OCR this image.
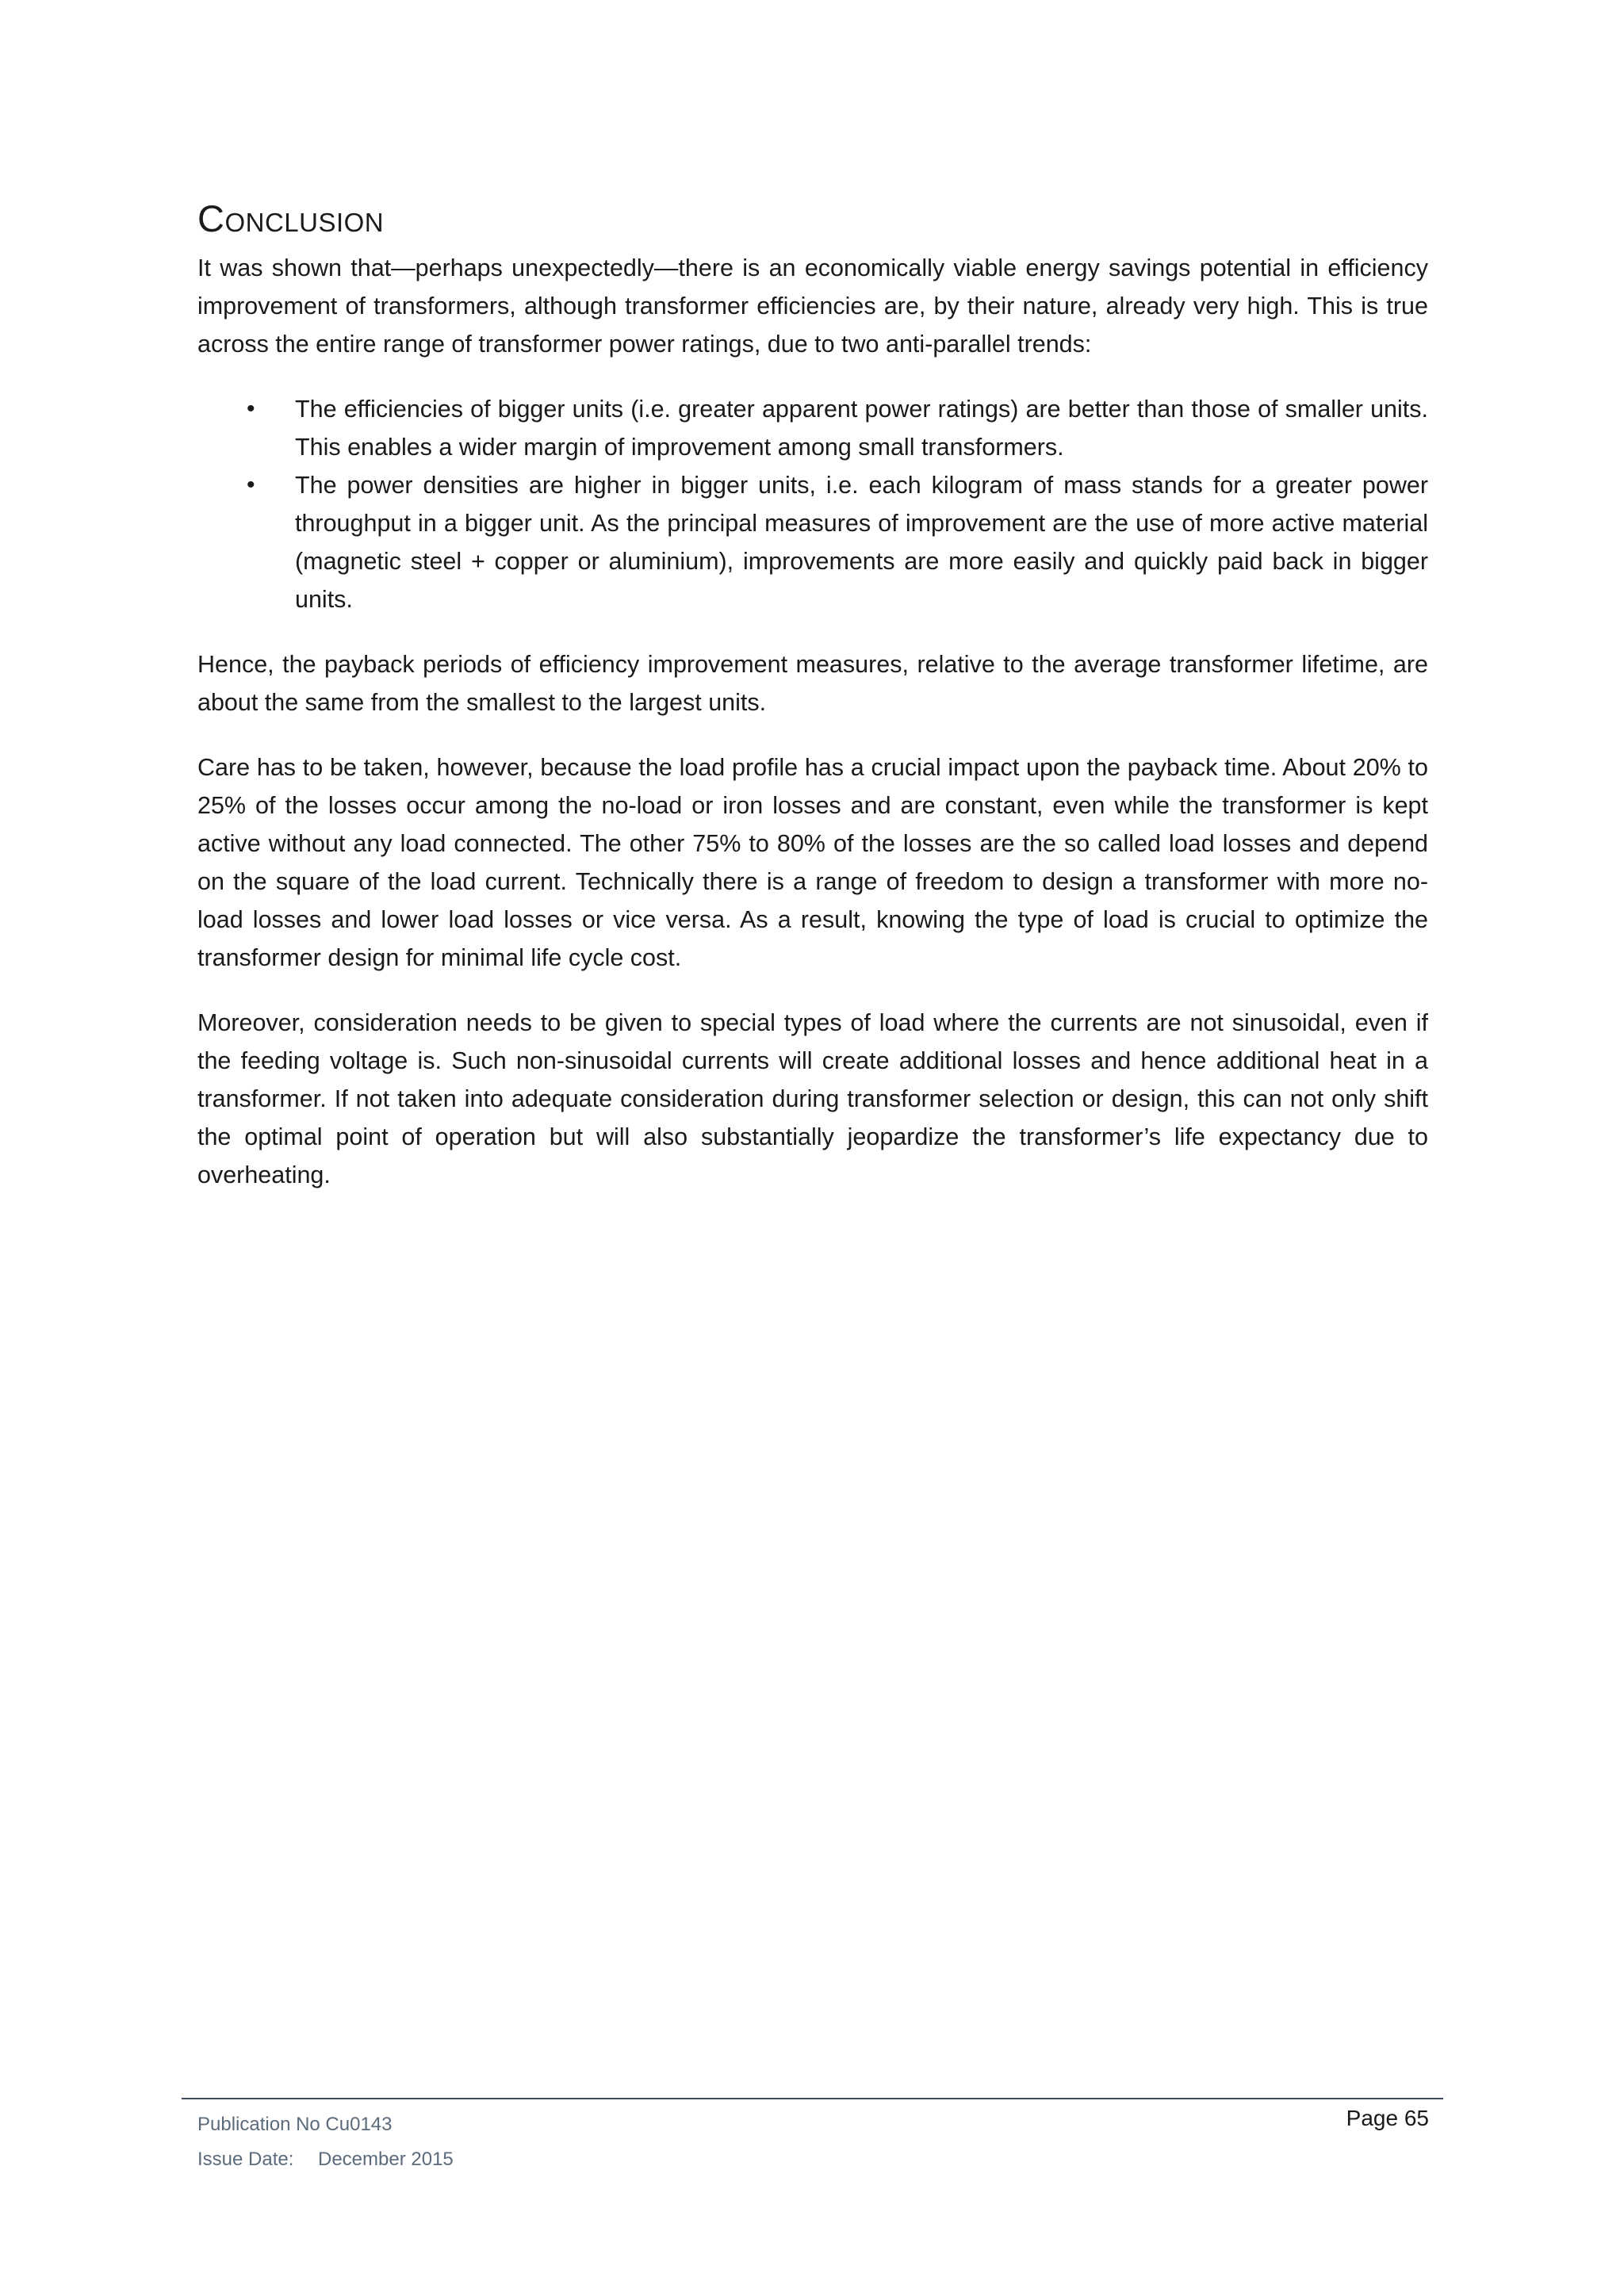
Conclusion

It was shown that—perhaps unexpectedly—there is an economically viable energy savings potential in efficiency improvement of transformers, although transformer efficiencies are, by their nature, already very high. This is true across the entire range of transformer power ratings, due to two anti-parallel trends:

• The efficiencies of bigger units (i.e. greater apparent power ratings) are better than those of smaller units. This enables a wider margin of improvement among small transformers.
• The power densities are higher in bigger units, i.e. each kilogram of mass stands for a greater power throughput in a bigger unit. As the principal measures of improvement are the use of more active material (magnetic steel + copper or aluminium), improvements are more easily and quickly paid back in bigger units.

Hence, the payback periods of efficiency improvement measures, relative to the average transformer lifetime, are about the same from the smallest to the largest units.

Care has to be taken, however, because the load profile has a crucial impact upon the payback time. About 20% to 25% of the losses occur among the no-load or iron losses and are constant, even while the transformer is kept active without any load connected. The other 75% to 80% of the losses are the so called load losses and depend on the square of the load current. Technically there is a range of freedom to design a transformer with more no-load losses and lower load losses or vice versa. As a result, knowing the type of load is crucial to optimize the transformer design for minimal life cycle cost.

Moreover, consideration needs to be given to special types of load where the currents are not sinusoidal, even if the feeding voltage is. Such non-sinusoidal currents will create additional losses and hence additional heat in a transformer. If not taken into adequate consideration during transformer selection or design, this can not only shift the optimal point of operation but will also substantially jeopardize the transformer’s life expectancy due to overheating.

Publication No Cu0143
Issue Date:	December 2015
Page 65
